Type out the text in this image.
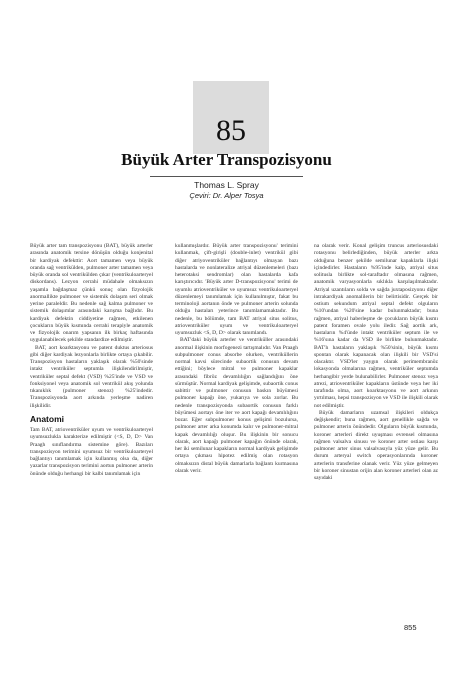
85
Büyük Arter Transpozisyonu
Thomas L. Spray
Çeviri: Dr. Alper Tosya

Büyük arter tam transpozisyonu (BAT), büyük arterler arasında anatomik tersine dönüşün olduğu konjenital bir kardiyak defekttir: Aort tamamen veya büyük oranda sağ ventrikülden, pulmoner arter tamamen veya büyük oranda sol ventrikülden çıkar (ventrikuloarteryel diskordans). Lezyon cerrahi müdahale olmaksızın yaşamla bağdaşmaz çünkü sonuç olan fizyolojik anormallikte pulmoner ve sistemik dolaşım seri olmak yerine paraleldir. Bu nedenle sağ kalma pulmoner ve sistemik dolaşımlar arasındaki karışma bağlıdır. Bu kardiyak defektin ciddiyetine rağmen, etkilenen çocukların büyük kısmında cerrahi terapiyle anatomik ve fizyolojik onarım yapsanın ilk birkaç haftasında uygulanabilecek şekilde standardize edilmiştir.

BAT, aort koarktasyonu ve patent duktus arteriosus gibi diğer kardiyak lezyonlarla birlikte ortaya çıkabilir. Transpozisyon hastaların yaklaşık olarak %50'sinde intakt ventriküler septumla ilişkilendirilmiştir, ventriküler septal defekt (VSD) %25'inde ve VSD ve fonksiyonel veya anatomik sol ventrikül akış yolunda tıkanıklık (pulmoner stenoz) %25'indedir. Transpozisyonda aort arkında yerleşme nadiren ilişkilidir.

Anatomi

Tam BAT, atrioventriküler uyum ve ventrikuloarteryel uyumsuzlukla karakterize edilmiştir (<S, D, D> Van Praagh sınıflandırma sistemine göre). Bazıları transpozisyon terimini uyumsuz bir ventrikuloarteryel bağlantıyı tanımlamak için kullanmış olsa da, diğer yazarlar transpozisyon terimini aortun pulmoner arterin önünde olduğu herhangi bir kalbi tanımlamak için

kullanmışlardır. Büyük arter transpozisyonu' terimini kullanmak, çift-girişli (double-inlet) ventrikül gibi diğer atriyoventriküler bağlantıyı olmayan bazı hastalarda ve nonlateralize atriyal düzenlemeleri (bazı heterotaksi sendromlar) olan hastalarda kafa karıştırıcıdır. 'Büyük arter D-transpozisyonu' terimi de uyumlu atrioventriküler ve uyumsuz ventrikuloarteryel düzenlemeyi tanımlamak için kullanılmıştır, fakat bu terminoloji aortanın önde ve pulmoner arterin solunda olduğu hastaları yeterince tanımlamamaktadır. Bu nedenle, bu bölümde, tam BAT atriyal situs solitus, atrioventriküler uyum ve ventrikuloarteryel uyumsuzluk <S, D, D> olarak tanımlandı.

BAT'daki büyük arterler ve ventriküller arasındaki anormal ilişkinin morfogenezi tartışmalıdır. Van Praagh subpulmoner conus absorbe olurken, ventriküllerin normal kavsi sürecinde subaortik conusun devam ettiğini; böylece mitral ve pulmoner kapaklar arasındaki fibröz devamlılığın sağlandığını öne sürmüştür. Normal kardiyak gelişimde, subaortik conus sabittir ve pulmoner conusun baskın büyümesi pulmoner kapağı öne, yukarıya ve sola zorlar. Bu nedenle transpozisyonda subaortik conusun farklı büyümesi aortayı öne iter ve aort kapağı devamlılığını bozar. Eğer subpulmoner konus gelişimi bozulursa, pulmoner arter arka konumda kalır ve pulmoner-mitral kapak devamlılığı oluşur. Bu ilişkinin bir sonucu olarak, aort kapağı pulmoner kapağın önünde olarak, her iki semilunar kapakların normal kardiyak gelişimde ortaya çıkması hipotez edilmiş olan rotasyon olmaksızın distal büyük damarlarla bağlantı kurmasına olarak verir.

na olarak verir. Konal gelişim truncus arteriosusdaki rotasyonu belirlediğinden, büyük arterler arkta olduğuna benzer şekilde semilunar kapaklarla ilişki içindedirler. Hastaların %95'inde kalp, atriyal situs solitusla birlikte sol-taraftadır olmasına rağmen, anatomik varyasyonlarla sıklıkla karşılaşılmaktadır. Atriyal uzantıların solda ve sağda juxtaposizyonu diğer intrakardiyak anomalilerin bir belirtisidir. Gerçek bir ostium sekundum atriyal septal defekt olguların %10'undan %20'sine kadar bulunmaktadır; buna rağmen, atriyal haberleşme de çocukların büyük kısmı patent foramen ovale yolu iledir. Sağ aortik ark, hastaların %4'ünde intakt ventriküler septum ile ve %16'sına kadar da VSD ile birlikte bulunmaktadır. BAT'lı hastaların yaklaşık %50'sinin, büyük kısmı spontan olarak kapanacak olan ilişkili bir VSD'si olacaktır. VSD'ler yaygın olarak perimembranöz lokasyonda olmalarına rağmen, ventriküler septumda herhangibir yerde bulunabilirler. Pulmoner stenoz veya atrezi, atrioventriküler kapakların üstünde veya her iki tarafında olma, aort koarktasyonu ve aort arkının yırtılması, hepsi transpozisyon ve VSD ile ilişkili olarak not edilmiştir.

Büyük damarların uzamsal ilişkileri oldukça değişkendir; buna rağmen, aort genellikle sağda ve pulmoner arterin önündedir. Olguların büyük kısmında, koroner arterleri direkt uyuşması evrensel olmasına rağmen valsalva sinusu ve koroner arter ostiası karşı pulmoner arter sinus valsalvasıyla yüz yüze gelir. Bu durum arteryal switch operasyonlarında koroner arterlerin transferine olanak verir. Yüz yüze gelmeyen bir koroner sinustan orijin alan koroner arterleri olan az sayıdaki

855
